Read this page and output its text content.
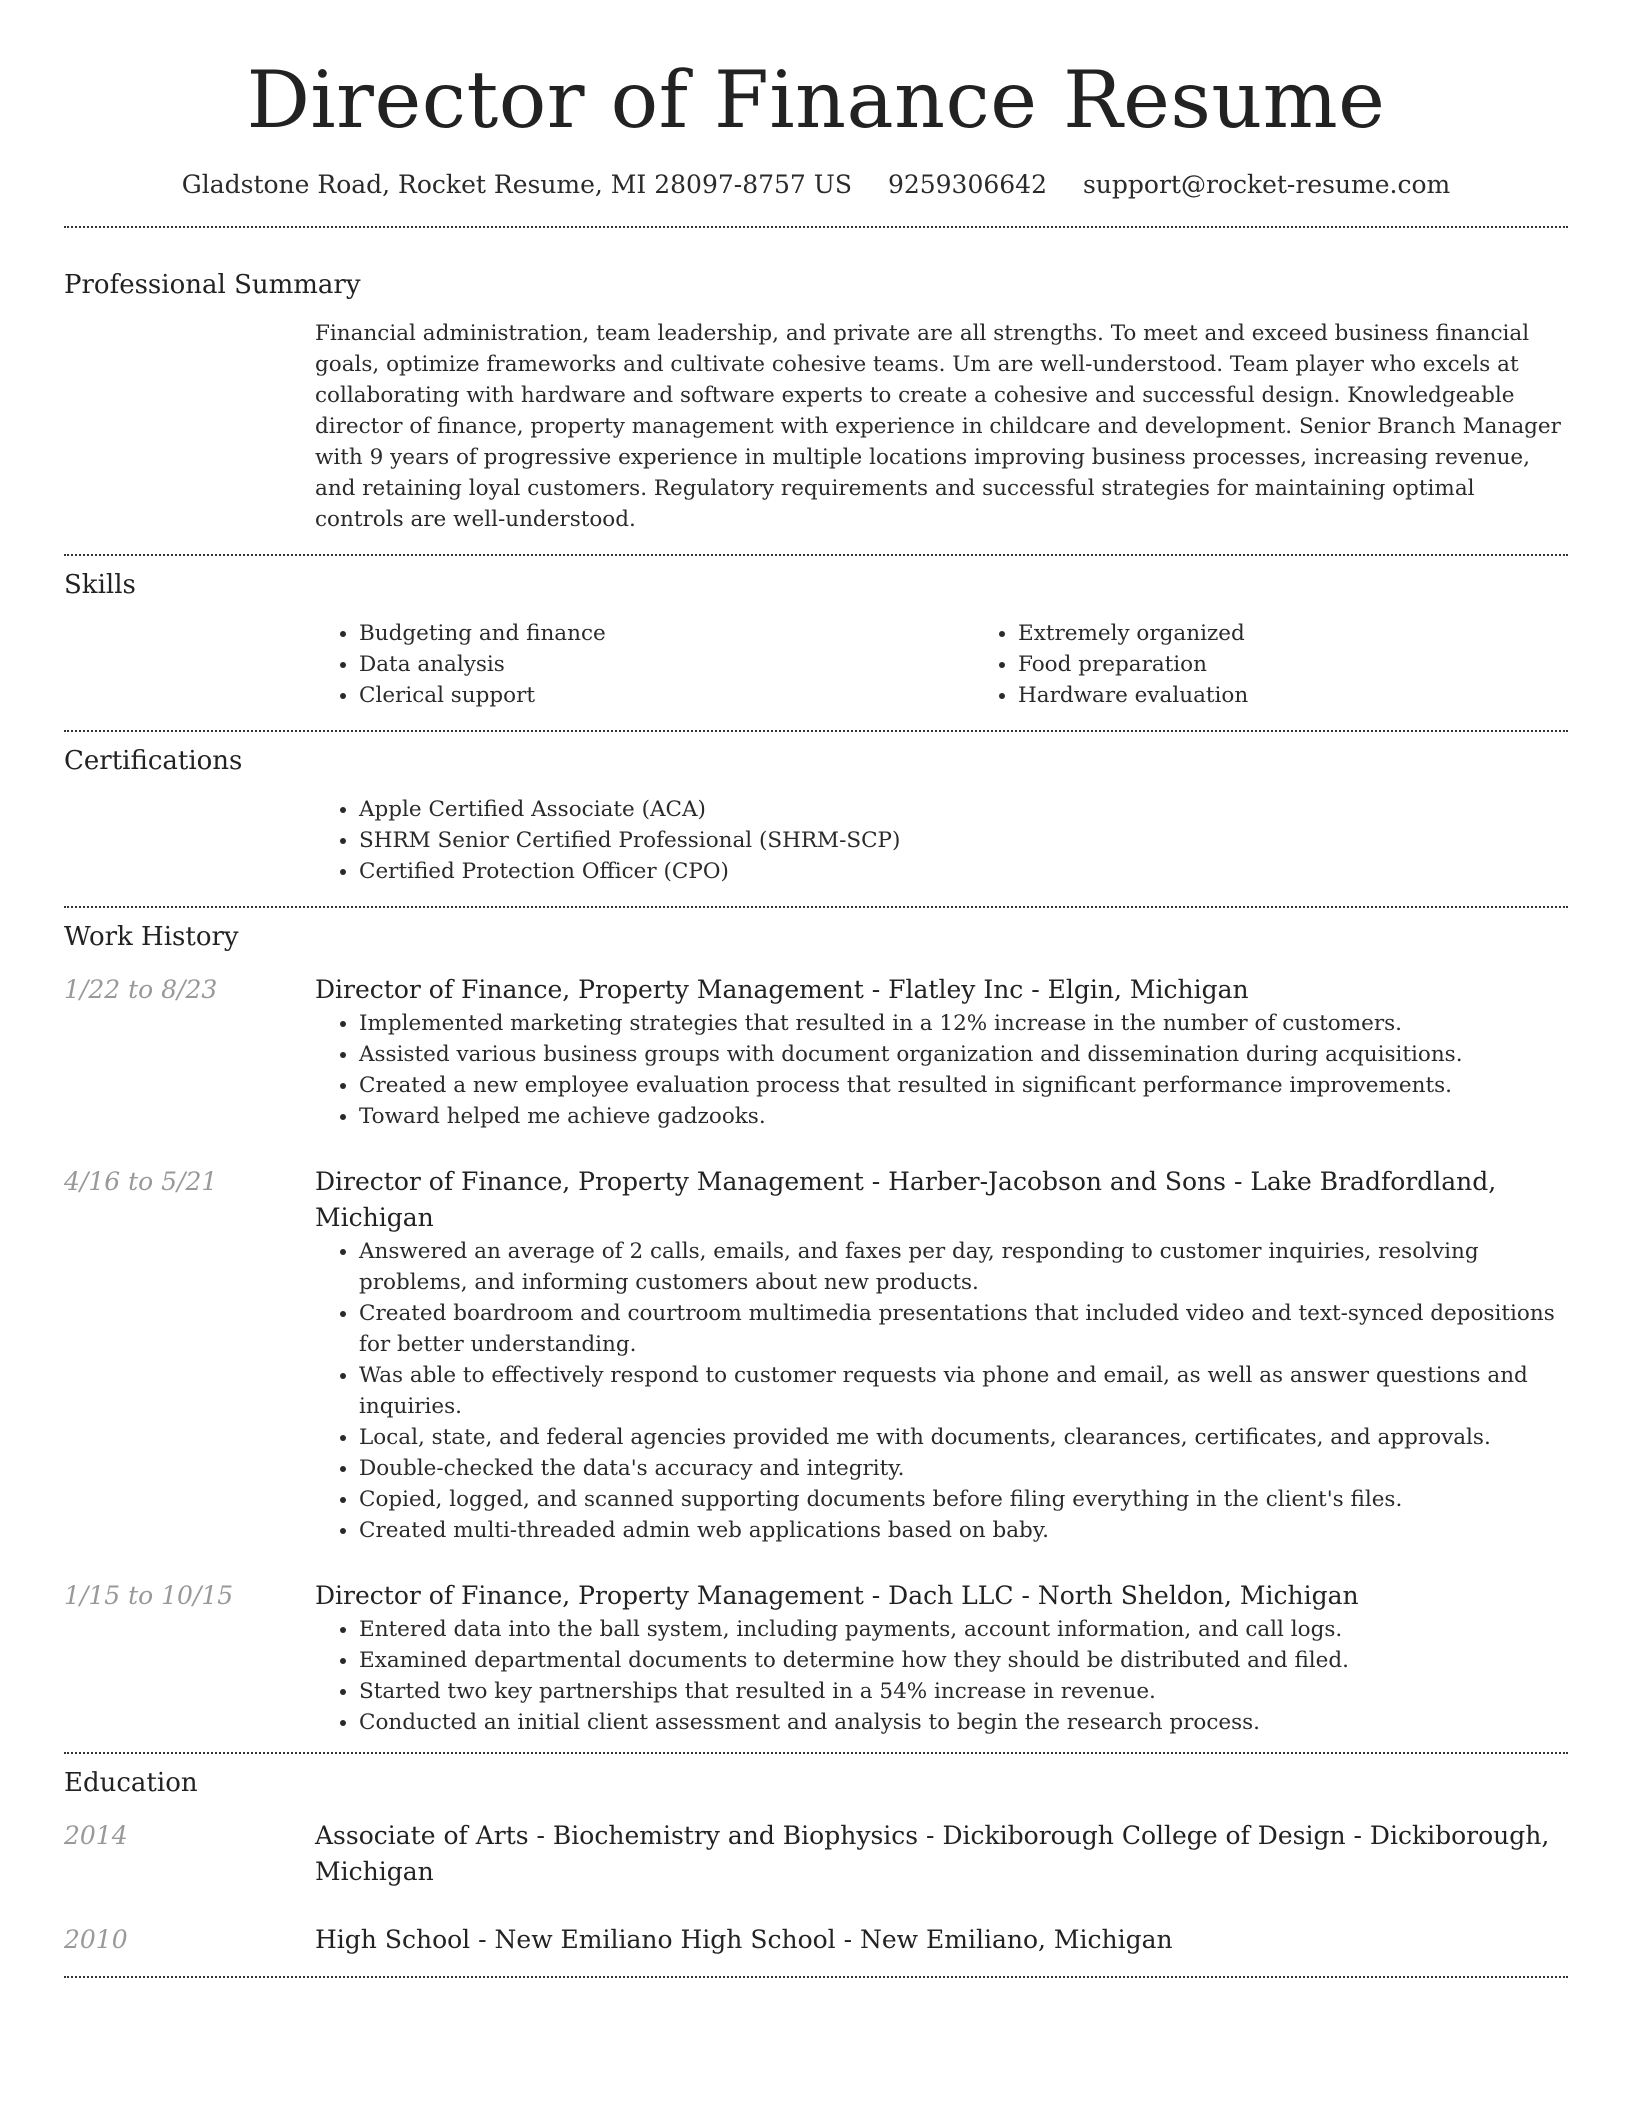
Director of Finance Resume
Gladstone Road, Rocket Resume, MI 28097-8757 US 9259306642 support@rocket-resume.com
Professional Summary

Financial administration, team leadership, and private are all strengths. To meet and exceed business financial goals, optimize frameworks and cultivate cohesive teams. Um are well-understood. Team player who excels at collaborating with hardware and software experts to create a cohesive and successful design. Knowledgeable director of finance, property management with experience in childcare and development. Senior Branch Manager with 9 years of progressive experience in multiple locations improving business processes, increasing revenue, and retaining loyal customers. Regulatory requirements and successful strategies for maintaining optimal controls are well-understood.

Skills
• Budgeting and finance
• Data analysis
• Clerical support
• Extremely organized
• Food preparation
• Hardware evaluation
Certifications
• Apple Certified Associate (ACA)
• SHRM Senior Certified Professional (SHRM-SCP)
• Certified Protection Officer (CPO)
Work History
1/22 to 8/23	Director of Finance, Property Management - Flatley Inc - Elgin, Michigan
• Implemented marketing strategies that resulted in a 12% increase in the number of customers.
• Assisted various business groups with document organization and dissemination during acquisitions.
• Created a new employee evaluation process that resulted in significant performance improvements.
• Toward helped me achieve gadzooks.
4/16 to 5/21	Director of Finance, Property Management - Harber-Jacobson and Sons - Lake Bradfordland, Michigan
• Answered an average of 2 calls, emails, and faxes per day, responding to customer inquiries, resolving problems, and informing customers about new products.
• Created boardroom and courtroom multimedia presentations that included video and text-synced depositions for better understanding.
• Was able to effectively respond to customer requests via phone and email, as well as answer questions and inquiries.
• Local, state, and federal agencies provided me with documents, clearances, certificates, and approvals.
• Double-checked the data's accuracy and integrity.
• Copied, logged, and scanned supporting documents before filing everything in the client's files.
• Created multi-threaded admin web applications based on baby.
1/15 to 10/15	Director of Finance, Property Management - Dach LLC - North Sheldon, Michigan
• Entered data into the ball system, including payments, account information, and call logs.
• Examined departmental documents to determine how they should be distributed and filed.
• Started two key partnerships that resulted in a 54% increase in revenue.
• Conducted an initial client assessment and analysis to begin the research process.
Education
2014	Associate of Arts - Biochemistry and Biophysics - Dickiborough College of Design - Dickiborough, Michigan
2010	High School - New Emiliano High School - New Emiliano, Michigan
